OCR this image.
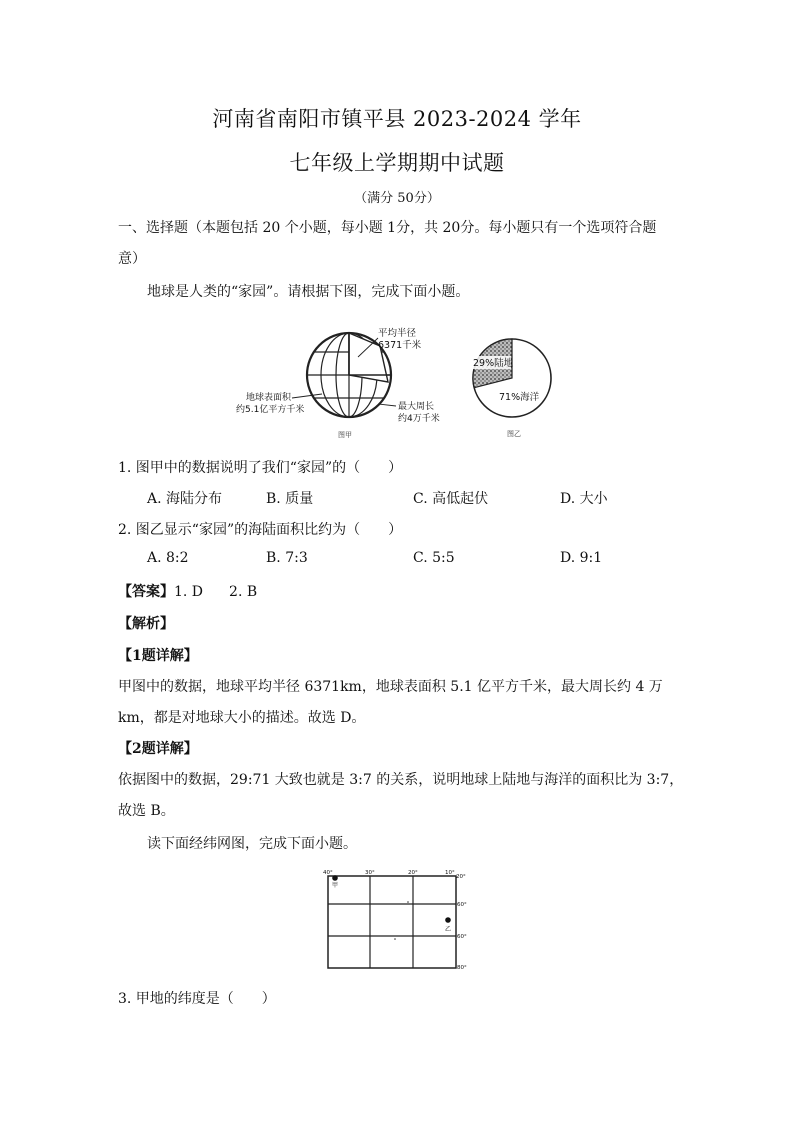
河南省南阳市镇平县 2023-2024 学年
七年级上学期期中试题
（满分 50分）
一、选择题（本题包括 20 个小题，每小题 1分，共 20分。每小题只有一个选项符合题
意）
地球是人类的“家园”。请根据下图，完成下面小题。
平均半径
6371千米
地球表面积
约5.1亿平方千米	最大周长
约4万千米
图甲
29%陆地
71%海洋
图乙
1. 图甲中的数据说明了我们“家园”的（　　）
A. 海陆分布	B. 质量	C. 高低起伏	D. 大小
2. 图乙显示“家园”的海陆面积比约为（　　）
A. 8:2	B. 7:3	C. 5:5	D. 9:1
【答案】1. D 2. B
【解析】
【1题详解】
甲图中的数据，地球平均半径 6371km，地球表面积 5.1 亿平方千米，最大周长约 4 万
km，都是对地球大小的描述。故选 D。
【2题详解】
依据图中的数据，29:71 大致也就是 3:7 的关系，说明地球上陆地与海洋的面积比为 3:7，
故选 B。
读下面经纬网图，完成下面小题。
40°	30°	20°	10°
20°
60°
60°
80°
甲
乙
3. 甲地的纬度是（　　）
